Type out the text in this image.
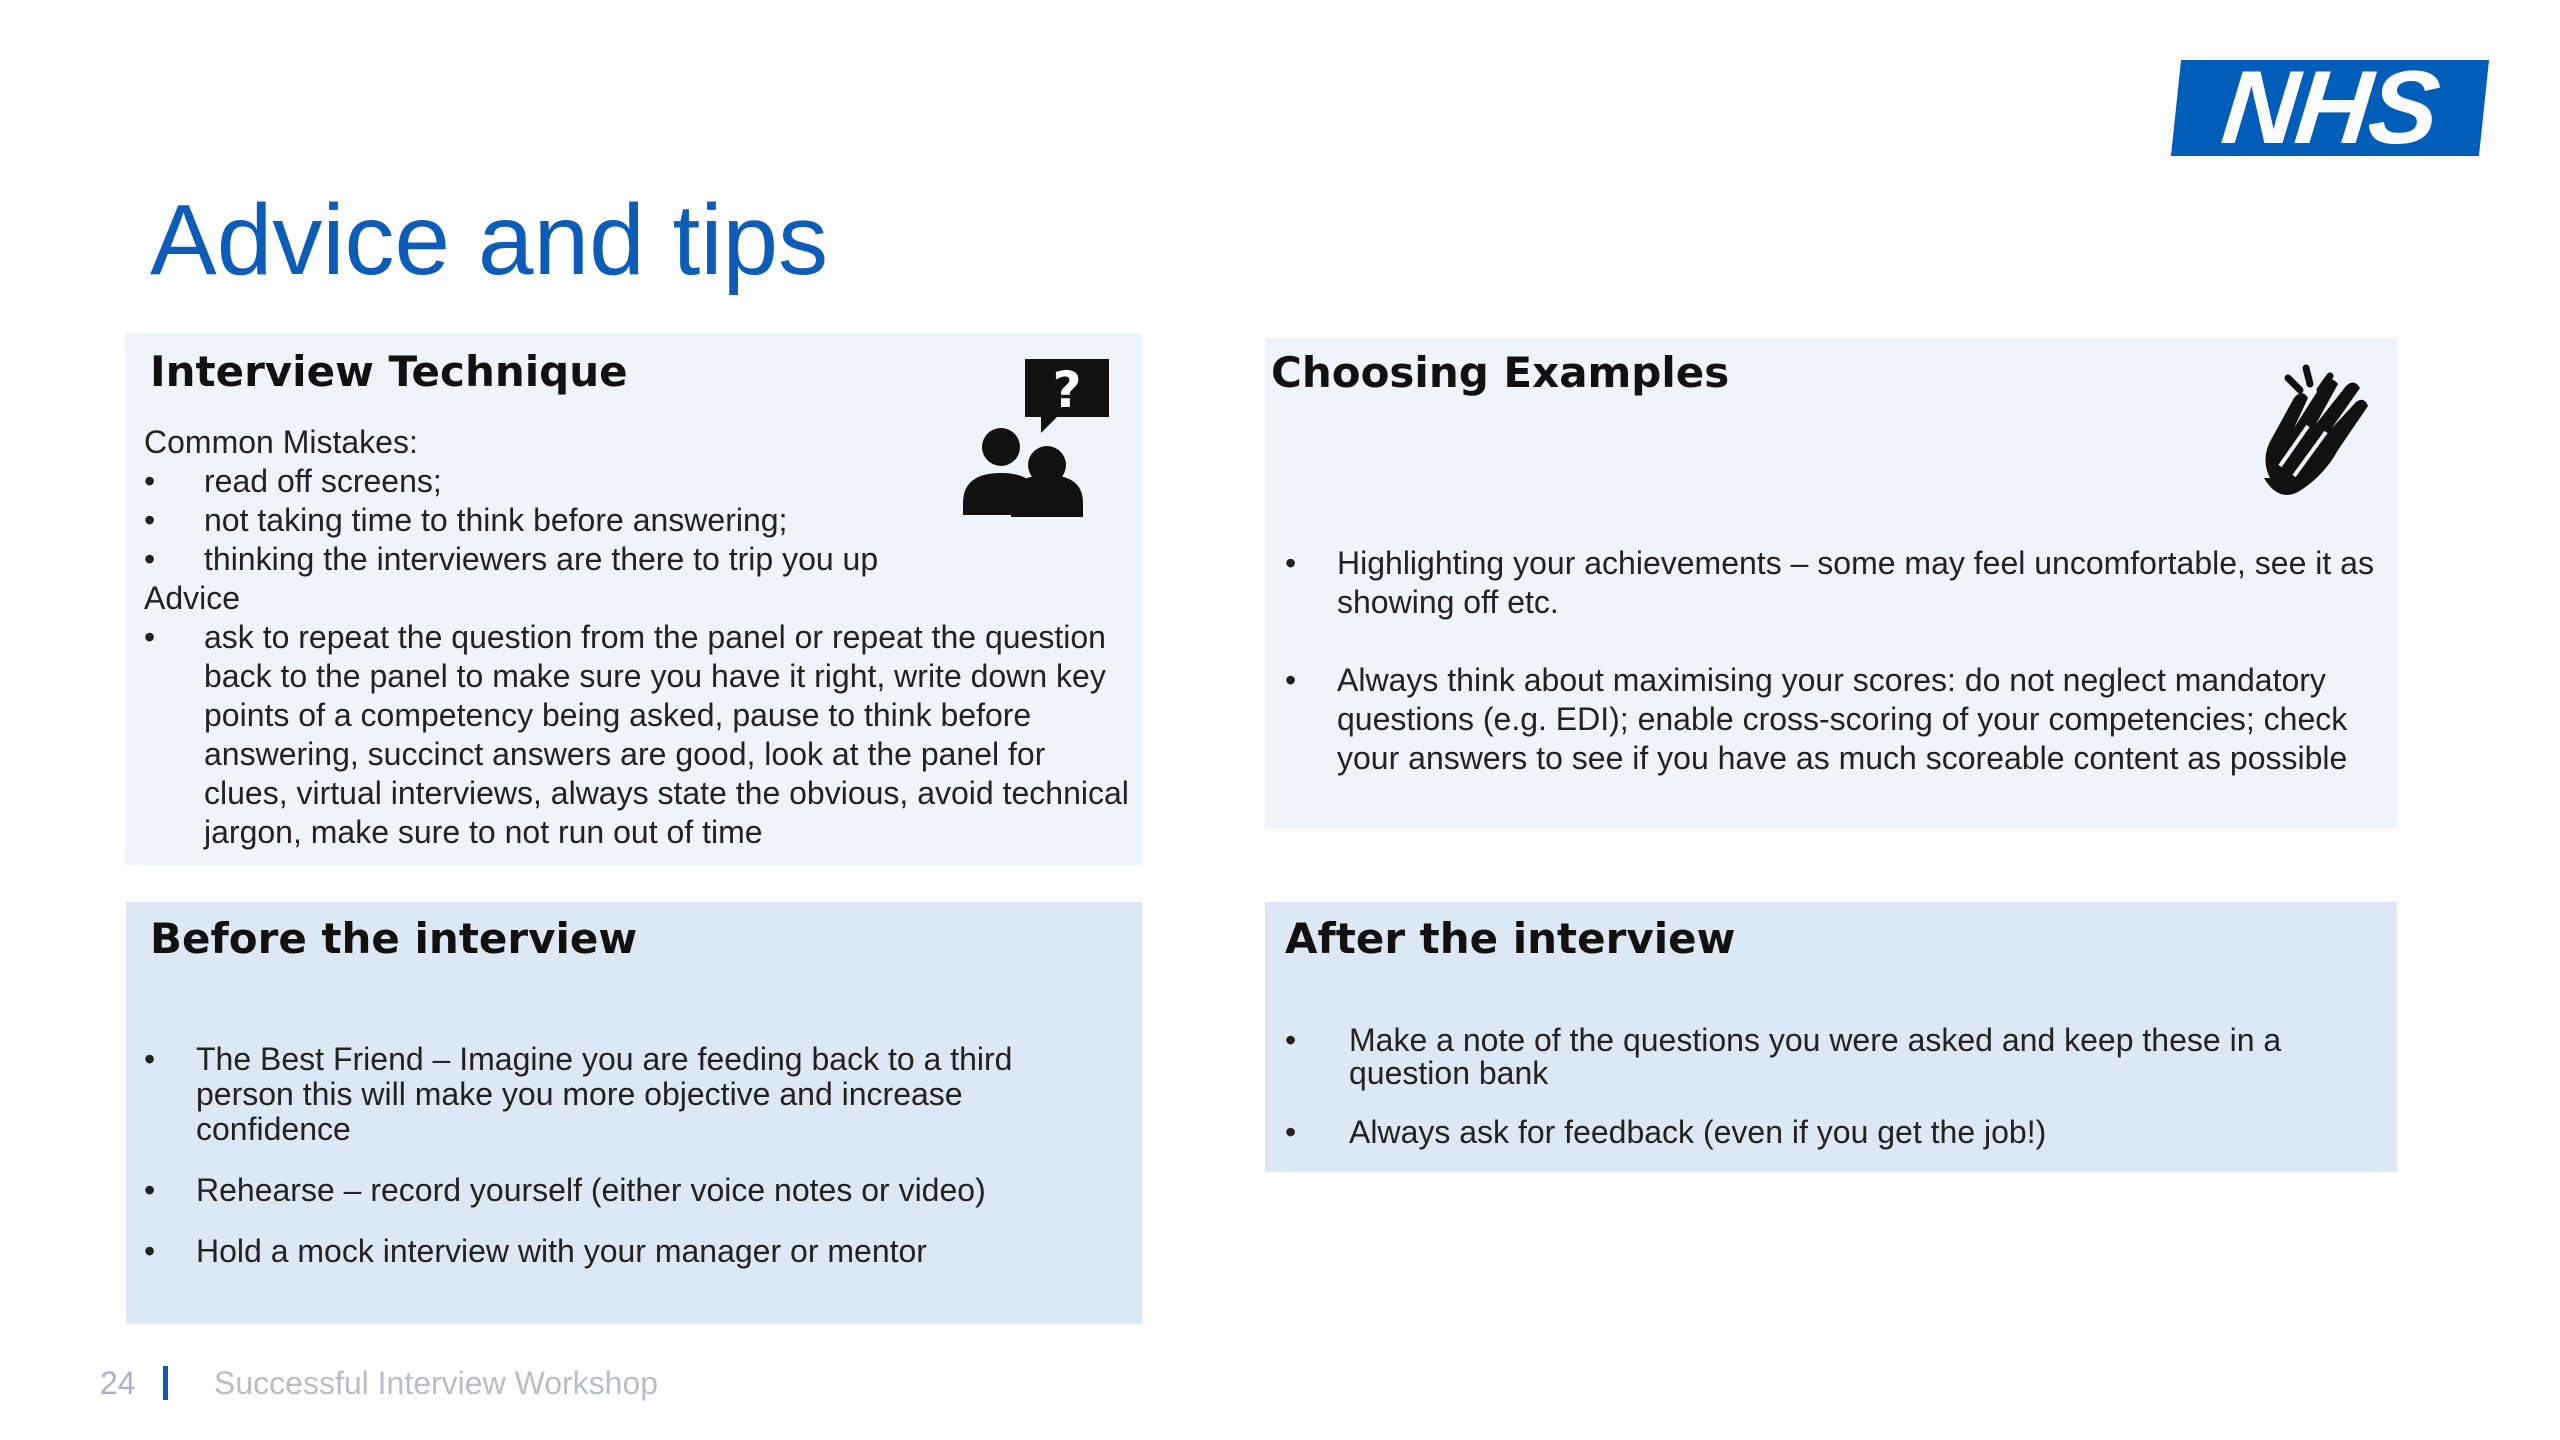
NHS
Advice and tips
Interview Technique	?
Common Mistakes:
• read off screens;
• not taking time to think before answering;
• thinking the interviewers are there to trip you up
Advice
• ask to repeat the question from the panel or repeat the question back to the panel to make sure you have it right, write down key points of a competency being asked, pause to think before answering, succinct answers are good, look at the panel for clues, virtual interviews, always state the obvious, avoid technical jargon, make sure to not run out of time
Choosing Examples
• Highlighting your achievements – some may feel uncomfortable, see it as showing off etc.
• Always think about maximising your scores: do not neglect mandatory questions (e.g. EDI); enable cross-scoring of your competencies; check your answers to see if you have as much scoreable content as possible
Before the interview
• The Best Friend – Imagine you are feeding back to a third person this will make you more objective and increase confidence
• Rehearse – record yourself (either voice notes or video)
• Hold a mock interview with your manager or mentor
After the interview
• Make a note of the questions you were asked and keep these in a question bank
• Always ask for feedback (even if you get the job!)
24 Successful Interview Workshop
